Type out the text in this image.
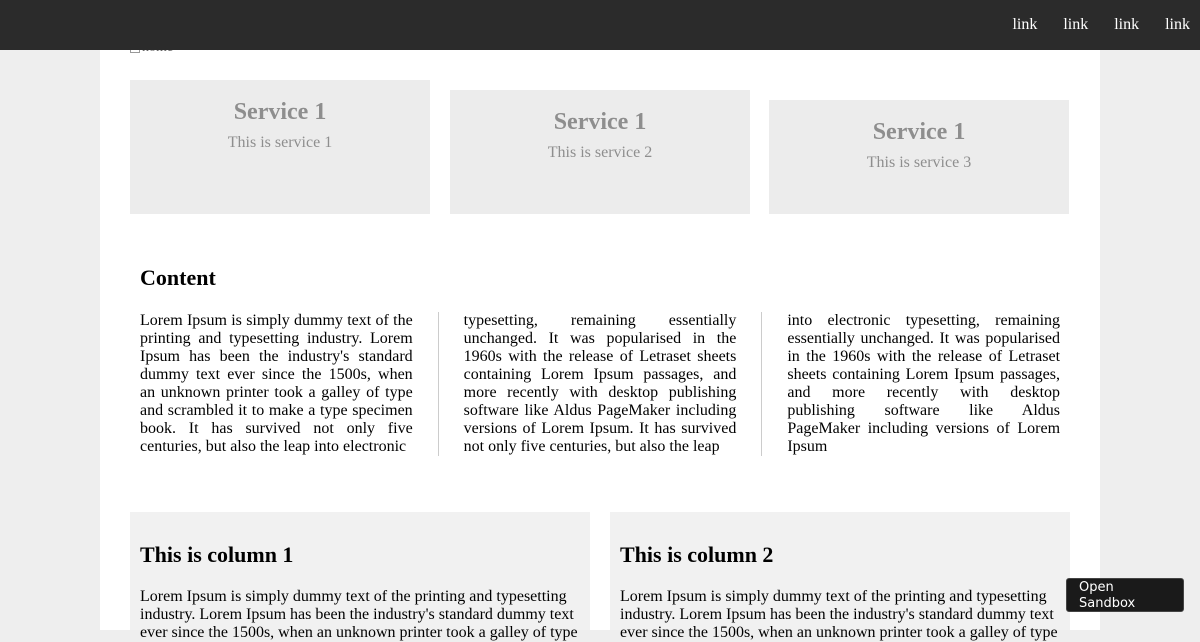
link link link link
Service 1

This is service 1

Service 1

This is service 2

Service 1

This is service 3

Content
Lorem Ipsum is simply dummy text of the printing and typesetting industry. Lorem Ipsum has been the industry's standard dummy text ever since the 1500s, when an unknown printer took a galley of type and scrambled it to make a type specimen book. It has survived not only five centuries, but also the leap into electronic
typesetting, remaining essentially unchanged. It was popularised in the 1960s with the release of Letraset sheets containing Lorem Ipsum passages, and more recently with desktop publishing software like Aldus PageMaker including versions of Lorem Ipsum. It has survived not only five centuries, but also the leap
into electronic typesetting, remaining essentially unchanged. It was popularised in the 1960s with the release of Letraset sheets containing Lorem Ipsum passages, and more recently with desktop publishing software like Aldus PageMaker including versions of Lorem Ipsum
This is column 1

Lorem Ipsum is simply dummy text of the printing and typesetting industry. Lorem Ipsum has been the industry's standard dummy text ever since the 1500s, when an unknown printer took a galley of type

This is column 2

Lorem Ipsum is simply dummy text of the printing and typesetting industry. Lorem Ipsum has been the industry's standard dummy text ever since the 1500s, when an unknown printer took a galley of type

Open Sandbox
